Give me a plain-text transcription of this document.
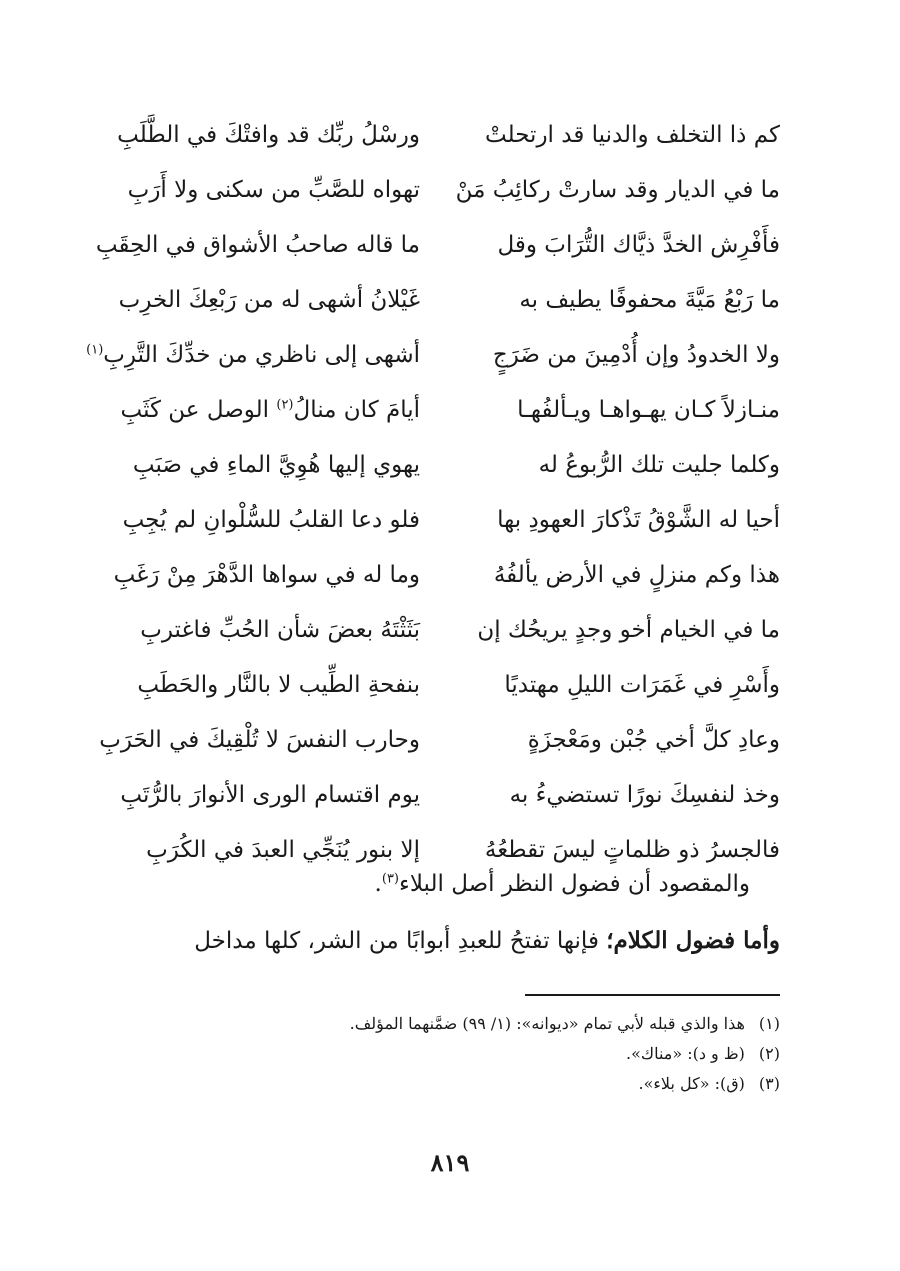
كم ذا التخلف والدنيا قد ارتحلتْ
ورسْلُ ربِّك قد وافتْكَ في الطَّلَبِ
ما في الديار وقد سارتْ ركائِبُ مَنْ
تهواه للصَّبِّ من سكنى ولا أَرَبِ
فأَفْرِش الخدَّ ذيَّاك التُّرَابَ وقل
ما قاله صاحبُ الأشواق في الحِقَبِ
ما رَبْعُ مَيَّةَ محفوفًا يطيف به
غَيْلانُ أشهى له من رَبْعِكَ الخرِب
ولا الخدودُ وإن أُدْمِينَ من ضَرَجٍ
أشهى إلى ناظري من خدِّكَ التَّرِبِ$^{(١)}$
منـازلاً كـان يهـواهـا ويـألفُهـا
أيامَ كان منالُ$^{(٢)}$ الوصل عن كَثَبِ
وكلما جليت تلك الرُّبوعُ له
يهوي إليها هُوِيَّ الماءِ في صَبَبِ
أحيا له الشَّوْقُ تَذْكارَ العهودِ بها
فلو دعا القلبُ للسُّلْوانِ لم يُجِبِ
هذا وكم منزلٍ في الأرض يألفُهُ
وما له في سواها الدَّهْرَ مِنْ رَغَبِ
ما في الخيام أخو وجدٍ يريحُك إن
بَثَثْتَهُ بعضَ شأن الحُبِّ فاغتربِ
وأَسْرِ في غَمَرَات الليلِ مهتديًا
بنفحةِ الطِّيب لا بالنَّار والحَطَبِ
وعادِ كلَّ أخي جُبْن ومَعْجزَةٍ
وحارب النفسَ لا تُلْقِيكَ في الحَرَبِ
وخذ لنفسِكَ نورًا تستضيءُ به
يوم اقتسام الورى الأنوارَ بالرُّتَبِ
فالجسرُ ذو ظلماتٍ ليسَ تقطعُهُ
إلا بنور يُنَجِّي العبدَ في الكُرَبِ
والمقصود أن فضول النظر أصل البلاء$^{(٣)}$.
وأما فضول الكلام؛ فإنها تفتحُ للعبدِ أبوابًا من الشر، كلها مداخل
(١)هذا والذي قبله لأبي تمام «ديوانه»: (١/ ٩٩) ضمَّنهما المؤلف.
(٢)(ظ و د): «مناك».
(٣)(ق): «كل بلاء».
٨١٩
